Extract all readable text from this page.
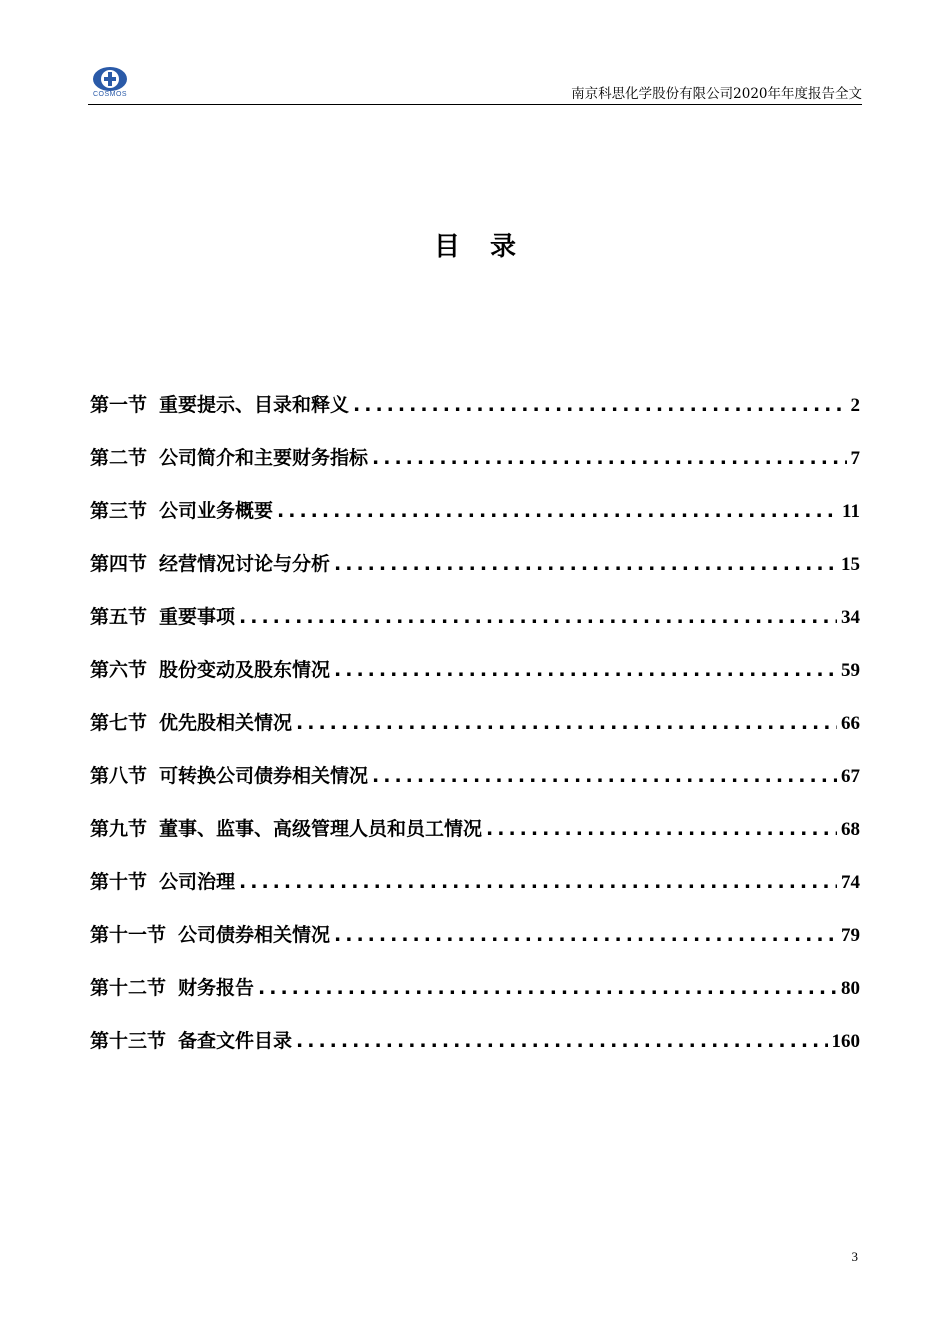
COSMOS	南京科思化学股份有限公司2020年年度报告全文
目录
第一节 重要提示、目录和释义 .....	2
第二节 公司简介和主要财务指标 .....	7
第三节 公司业务概要 .....	11
第四节 经营情况讨论与分析 .....	15
第五节 重要事项 .....	34
第六节 股份变动及股东情况 .....	59
第七节 优先股相关情况 .....	66
第八节 可转换公司债券相关情况 .....	67
第九节 董事、监事、高级管理人员和员工情况 .....	68
第十节 公司治理 .....	74
第十一节 公司债券相关情况 .....	79
第十二节 财务报告 .....	80
第十三节 备查文件目录 .....	160
3
